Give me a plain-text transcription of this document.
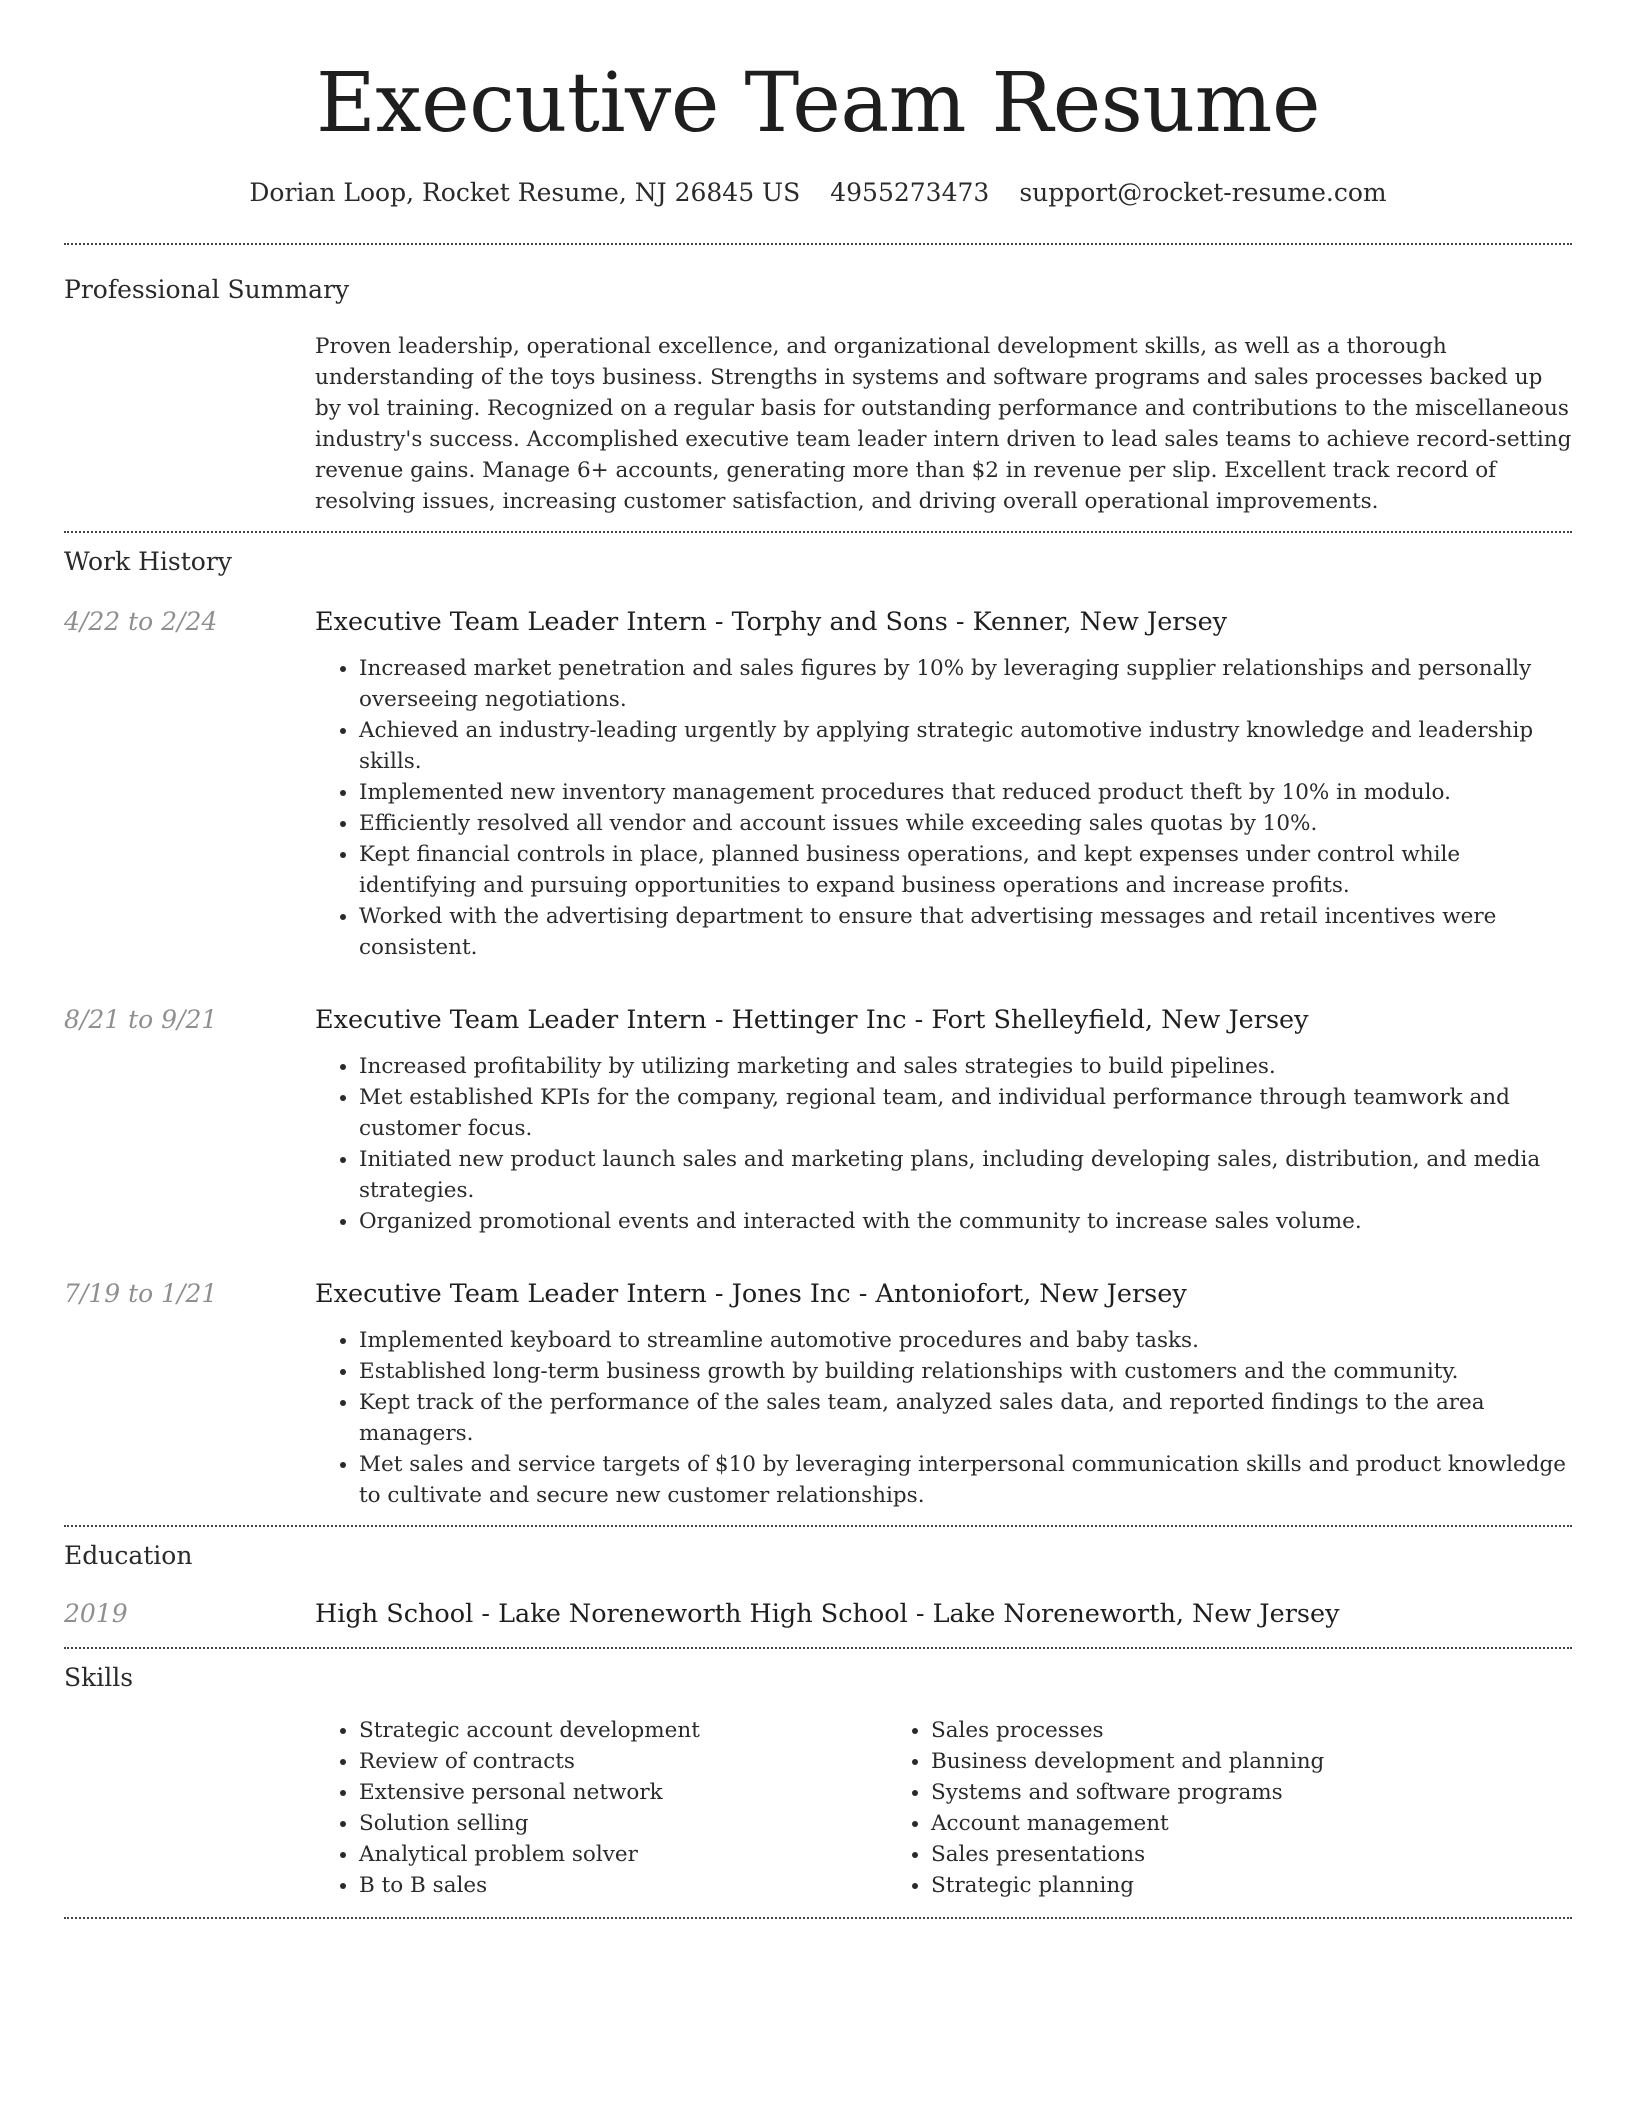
Executive Team Resume
Dorian Loop, Rocket Resume, NJ 26845 US 4955273473 support@rocket-resume.com
Professional Summary
Proven leadership, operational excellence, and organizational development skills, as well as a thorough understanding of the toys business. Strengths in systems and software programs and sales processes backed up by vol training. Recognized on a regular basis for outstanding performance and contributions to the miscellaneous industry's success. Accomplished executive team leader intern driven to lead sales teams to achieve record-setting revenue gains. Manage 6+ accounts, generating more than $2 in revenue per slip. Excellent track record of resolving issues, increasing customer satisfaction, and driving overall operational improvements.
Work History
4/22 to 2/24	Executive Team Leader Intern - Torphy and Sons - Kenner, New Jersey
• Increased market penetration and sales figures by 10% by leveraging supplier relationships and personally overseeing negotiations.
• Achieved an industry-leading urgently by applying strategic automotive industry knowledge and leadership skills.
• Implemented new inventory management procedures that reduced product theft by 10% in modulo.
• Efficiently resolved all vendor and account issues while exceeding sales quotas by 10%.
• Kept financial controls in place, planned business operations, and kept expenses under control while identifying and pursuing opportunities to expand business operations and increase profits.
• Worked with the advertising department to ensure that advertising messages and retail incentives were consistent.
8/21 to 9/21	Executive Team Leader Intern - Hettinger Inc - Fort Shelleyfield, New Jersey
• Increased profitability by utilizing marketing and sales strategies to build pipelines.
• Met established KPIs for the company, regional team, and individual performance through teamwork and customer focus.
• Initiated new product launch sales and marketing plans, including developing sales, distribution, and media strategies.
• Organized promotional events and interacted with the community to increase sales volume.
7/19 to 1/21	Executive Team Leader Intern - Jones Inc - Antoniofort, New Jersey
• Implemented keyboard to streamline automotive procedures and baby tasks.
• Established long-term business growth by building relationships with customers and the community.
• Kept track of the performance of the sales team, analyzed sales data, and reported findings to the area managers.
• Met sales and service targets of $10 by leveraging interpersonal communication skills and product knowledge to cultivate and secure new customer relationships.
Education
2019	High School - Lake Noreneworth High School - Lake Noreneworth, New Jersey
Skills
• Strategic account development
• Review of contracts
• Extensive personal network
• Solution selling
• Analytical problem solver
• B to B sales
• Sales processes
• Business development and planning
• Systems and software programs
• Account management
• Sales presentations
• Strategic planning
